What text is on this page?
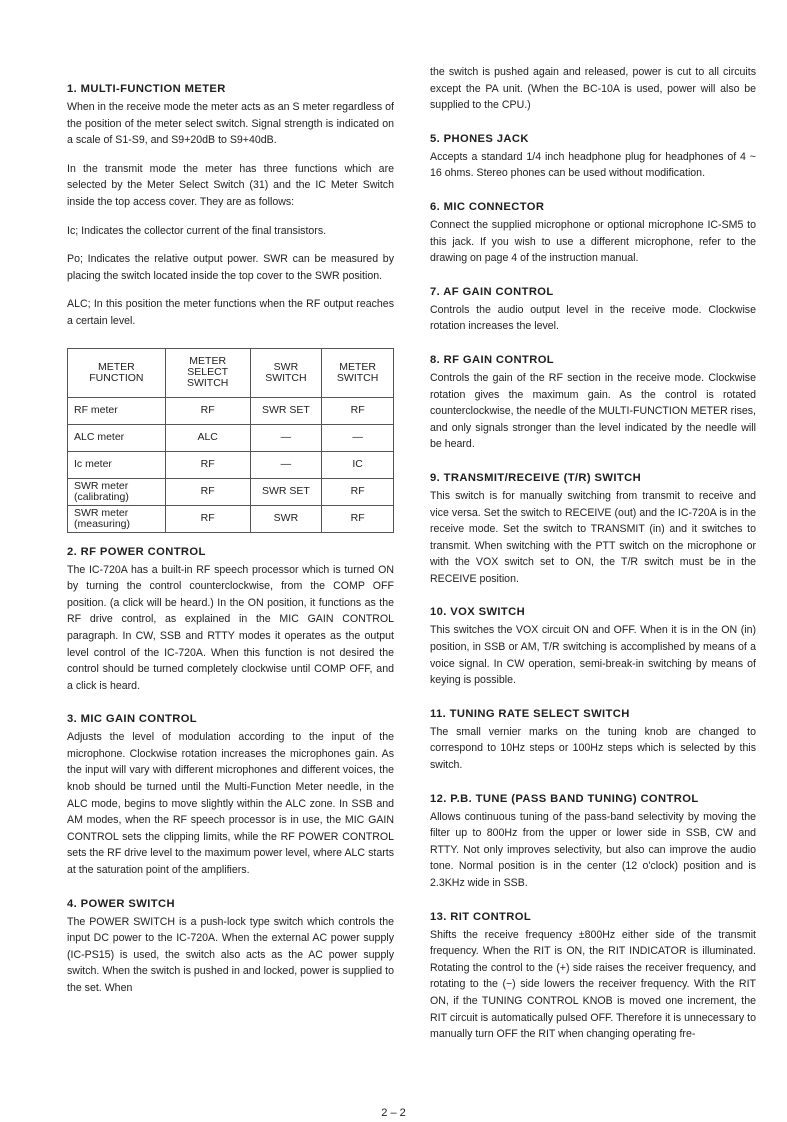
1. MULTI-FUNCTION METER

When in the receive mode the meter acts as an S meter regardless of the position of the meter select switch. Signal strength is indicated on a scale of S1-S9, and S9+20dB to S9+40dB.

In the transmit mode the meter has three functions which are selected by the Meter Select Switch (31) and the IC Meter Switch inside the top access cover. They are as follows:

Ic; Indicates the collector current of the final transistors.

Po; Indicates the relative output power. SWR can be measured by placing the switch located inside the top cover to the SWR position.

ALC; In this position the meter functions when the RF output reaches a certain level.

METER FUNCTION	METER SELECT SWITCH	SWR SWITCH	METER SWITCH
RF meter	RF	SWR SET	RF
ALC meter	ALC	—	—
Ic meter	RF	—	IC
SWR meter (calibrating)	RF	SWR SET	RF
SWR meter (measuring)	RF	SWR	RF
2. RF POWER CONTROL

The IC-720A has a built-in RF speech processor which is turned ON by turning the control counterclockwise, from the COMP OFF position. (a click will be heard.) In the ON position, it functions as the RF drive control, as explained in the MIC GAIN CONTROL paragraph. In CW, SSB and RTTY modes it operates as the output level control of the IC-720A. When this function is not desired the control should be turned completely clockwise until COMP OFF, and a click is heard.

3. MIC GAIN CONTROL

Adjusts the level of modulation according to the input of the microphone. Clockwise rotation increases the microphones gain. As the input will vary with different microphones and different voices, the knob should be turned until the Multi-Function Meter needle, in the ALC mode, begins to move slightly within the ALC zone. In SSB and AM modes, when the RF speech processor is in use, the MIC GAIN CONTROL sets the clipping limits, while the RF POWER CONTROL sets the RF drive level to the maximum power level, where ALC starts at the saturation point of the amplifiers.

4. POWER SWITCH

The POWER SWITCH is a push-lock type switch which controls the input DC power to the IC-720A. When the external AC power supply (IC-PS15) is used, the switch also acts as the AC power supply switch. When the switch is pushed in and locked, power is supplied to the set. When

the switch is pushed again and released, power is cut to all circuits except the PA unit. (When the BC-10A is used, power will also be supplied to the CPU.)

5. PHONES JACK

Accepts a standard 1/4 inch headphone plug for headphones of 4 ~ 16 ohms. Stereo phones can be used without modification.

6. MIC CONNECTOR

Connect the supplied microphone or optional microphone IC-SM5 to this jack. If you wish to use a different microphone, refer to the drawing on page 4 of the instruction manual.

7. AF GAIN CONTROL

Controls the audio output level in the receive mode. Clockwise rotation increases the level.

8. RF GAIN CONTROL

Controls the gain of the RF section in the receive mode. Clockwise rotation gives the maximum gain. As the control is rotated counterclockwise, the needle of the MULTI-FUNCTION METER rises, and only signals stronger than the level indicated by the needle will be heard.

9. TRANSMIT/RECEIVE (T/R) SWITCH

This switch is for manually switching from transmit to receive and vice versa. Set the switch to RECEIVE (out) and the IC-720A is in the receive mode. Set the switch to TRANSMIT (in) and it switches to transmit. When switching with the PTT switch on the microphone or with the VOX switch set to ON, the T/R switch must be in the RECEIVE position.

10. VOX SWITCH

This switches the VOX circuit ON and OFF. When it is in the ON (in) position, in SSB or AM, T/R switching is accomplished by means of a voice signal. In CW operation, semi-break-in switching by means of keying is possible.

11. TUNING RATE SELECT SWITCH

The small vernier marks on the tuning knob are changed to correspond to 10Hz steps or 100Hz steps which is selected by this switch.

12. P.B. TUNE (PASS BAND TUNING) CONTROL

Allows continuous tuning of the pass-band selectivity by moving the filter up to 800Hz from the upper or lower side in SSB, CW and RTTY. Not only improves selectivity, but also can improve the audio tone. Normal position is in the center (12 o'clock) position and is 2.3KHz wide in SSB.

13. RIT CONTROL

Shifts the receive frequency ±800Hz either side of the transmit frequency. When the RIT is ON, the RIT INDICATOR is illuminated. Rotating the control to the (+) side raises the receiver frequency, and rotating to the (−) side lowers the receiver frequency. With the RIT ON, if the TUNING CONTROL KNOB is moved one increment, the RIT circuit is automatically pulsed OFF. Therefore it is unnecessary to manually turn OFF the RIT when changing operating fre-

2 – 2
